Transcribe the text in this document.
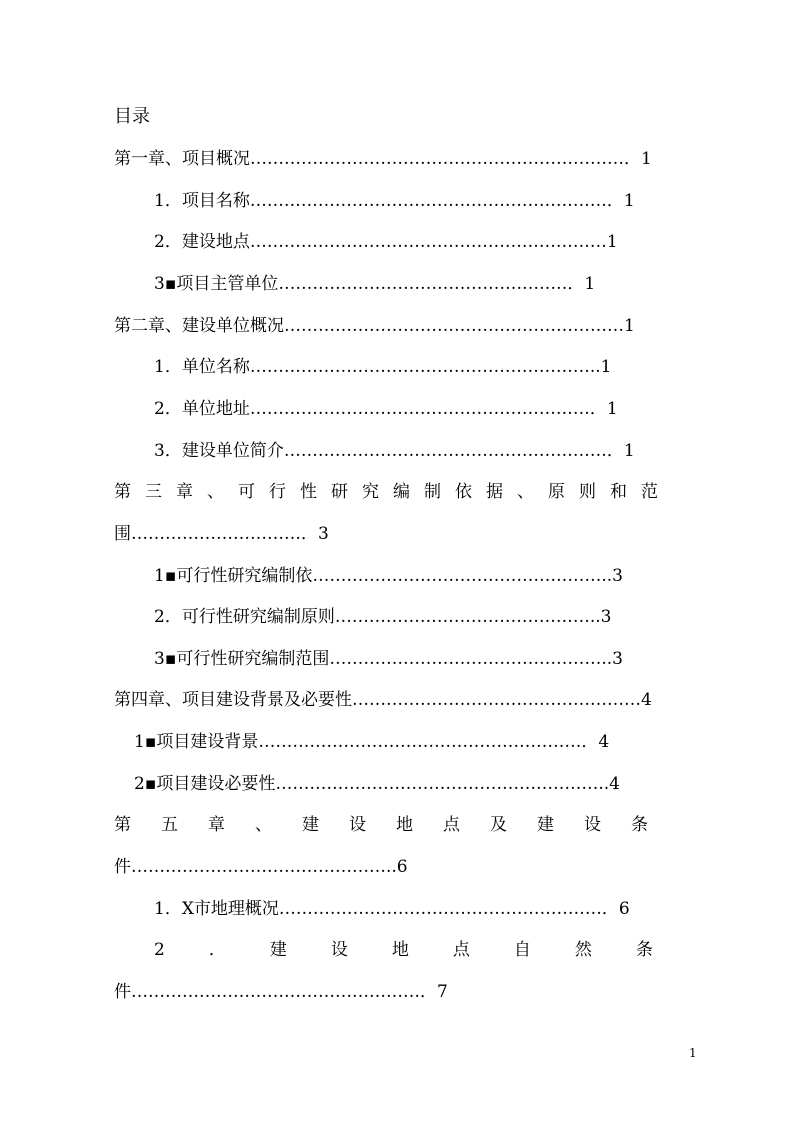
目录
第一章、项目概况…………………………………………………………．1
1．项目名称………………………………………………………．1
2．建设地点………………………………………………………1
3▪项目主管单位……………………………………………．1
第二章、建设单位概况……………………………………………………1
1．单位名称……………………………………………………..1
2．单位地址……………………………………………………．1
3．建设单位简介…………………………………………………．1
第三章、可行性研究编制依据、原则和范
围…………………………．3
1▪可行性研究编制依……………………………………………..3
2．可行性研究编制原则………………………………………..3
3▪可行性研究编制范围…………………………………………..3
第四章、项目建设背景及必要性……………………………………………4
1▪项目建设背景…………………………………………………．4
2▪项目建设必要性…………………………………………………..4
第五章、建设地点及建设条
件………………………………………..6
1．X市地理概况…………………………………………………．6
2．建设地点自然条
件……………………………………………．7
1
